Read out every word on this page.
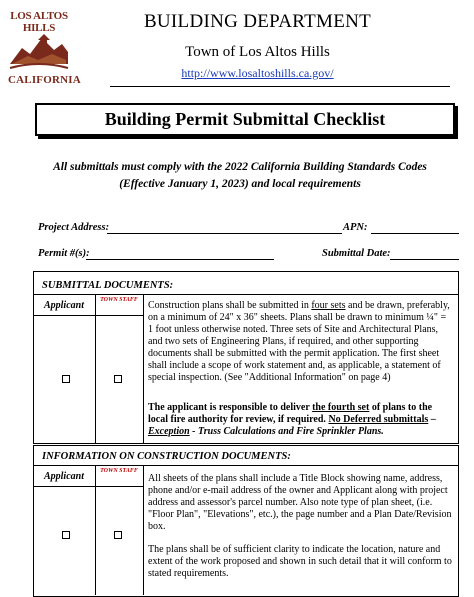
LOS ALTOS HILLS
CALIFORNIA
BUILDING DEPARTMENT
Town of Los Altos Hills
http://www.losaltoshills.ca.gov/
Building Permit Submittal Checklist
All submittals must comply with the 2022 California Building Standards Codes (Effective January 1, 2023) and local requirements
Project Address:	APN:
Permit #(s):	Submittal Date:
SUBMITTAL DOCUMENTS:
Applicant	TOWN STAFF	Construction plans shall be submitted in four sets and be drawn, preferably, on a minimum of 24" x 36" sheets. Plans shall be drawn to minimum ¼" = 1 foot unless otherwise noted. Three sets of Site and Architectural Plans, and two sets of Engineering Plans, if required, and other supporting documents shall be submitted with the permit application. The first sheet shall include a scope of work statement and, as applicable, a statement of special inspection. (See "Additional Information" on page 4)
The applicant is responsible to deliver the fourth set of plans to the local fire authority for review, if required. No Deferred submittals – Exception - Truss Calculations and Fire Sprinkler Plans.
INFORMATION ON CONSTRUCTION DOCUMENTS:
Applicant	TOWN STAFF
All sheets of the plans shall include a Title Block showing name, address, phone and/or e-mail address of the owner and Applicant along with project address and assessor's parcel number. Also note type of plan sheet, (i.e. "Floor Plan", "Elevations", etc.), the page number and a Plan Date/Revision box.
The plans shall be of sufficient clarity to indicate the location, nature and extent of the work proposed and shown in such detail that it will conform to stated requirements.
